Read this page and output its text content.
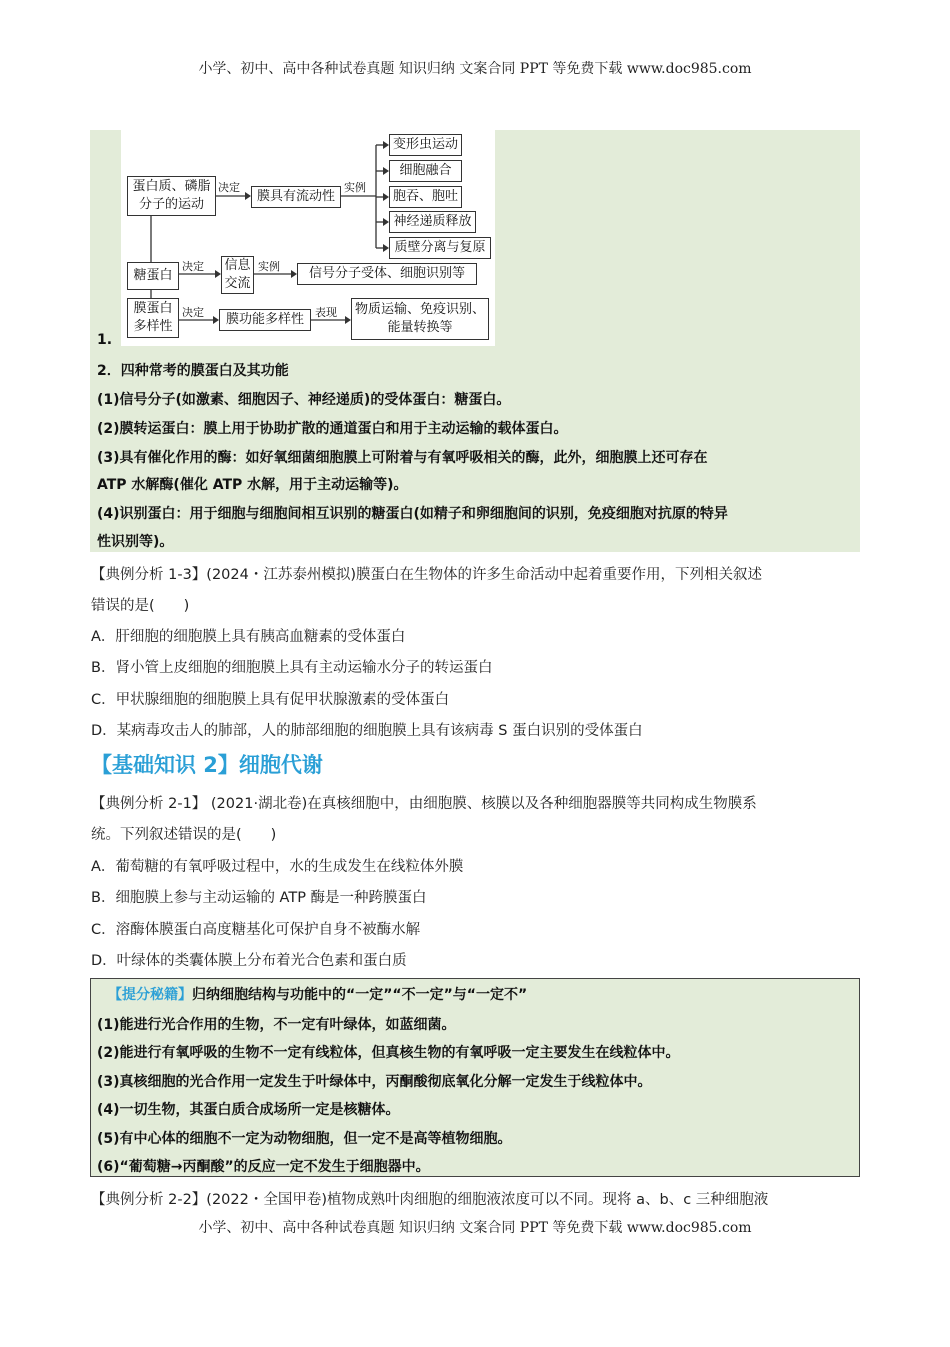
小学、初中、高中各种试卷真题 知识归纳 文案合同 PPT 等免费下载 www.doc985.com
蛋白质、磷脂分子的运动
决定
膜具有流动性
实例
变形虫运动
细胞融合
胞吞、胞吐
神经递质释放
质壁分离与复原
糖蛋白
决定 信息交流
实例	信号分子受体、细胞识别等
膜蛋白多样性
决定	膜功能多样性	表现	物质运输、免疫识别、能量转换等
1.
2．四种常考的膜蛋白及其功能
(1)信号分子(如激素、细胞因子、神经递质)的受体蛋白：糖蛋白。
(2)膜转运蛋白：膜上用于协助扩散的通道蛋白和用于主动运输的载体蛋白。
(3)具有催化作用的酶：如好氧细菌细胞膜上可附着与有氧呼吸相关的酶，此外，细胞膜上还可存在
ATP 水解酶(催化 ATP 水解，用于主动运输等)。
(4)识别蛋白：用于细胞与细胞间相互识别的糖蛋白(如精子和卵细胞间的识别，免疫细胞对抗原的特异
性识别等)。
【典例分析 1-3】(2024・江苏泰州模拟)膜蛋白在生物体的许多生命活动中起着重要作用，下列相关叙述
错误的是(　　)
A．肝细胞的细胞膜上具有胰高血糖素的受体蛋白
B．肾小管上皮细胞的细胞膜上具有主动运输水分子的转运蛋白
C．甲状腺细胞的细胞膜上具有促甲状腺激素的受体蛋白
D．某病毒攻击人的肺部，人的肺部细胞的细胞膜上具有该病毒 S 蛋白识别的受体蛋白
【基础知识 2】细胞代谢
【典例分析 2-1】 (2021·湖北卷)在真核细胞中，由细胞膜、核膜以及各种细胞器膜等共同构成生物膜系
统。下列叙述错误的是(　　)
A．葡萄糖的有氧呼吸过程中，水的生成发生在线粒体外膜
B．细胞膜上参与主动运输的 ATP 酶是一种跨膜蛋白
C．溶酶体膜蛋白高度糖基化可保护自身不被酶水解
D．叶绿体的类囊体膜上分布着光合色素和蛋白质
【提分秘籍】归纳细胞结构与功能中的“一定”“不一定”与“一定不”
(1)能进行光合作用的生物，不一定有叶绿体，如蓝细菌。
(2)能进行有氧呼吸的生物不一定有线粒体，但真核生物的有氧呼吸一定主要发生在线粒体中。
(3)真核细胞的光合作用一定发生于叶绿体中，丙酮酸彻底氧化分解一定发生于线粒体中。
(4)一切生物，其蛋白质合成场所一定是核糖体。
(5)有中心体的细胞不一定为动物细胞，但一定不是高等植物细胞。
(6)“葡萄糖→丙酮酸”的反应一定不发生于细胞器中。
【典例分析 2-2】(2022・全国甲卷)植物成熟叶肉细胞的细胞液浓度可以不同。现将 a、b、c 三种细胞液
小学、初中、高中各种试卷真题 知识归纳 文案合同 PPT 等免费下载 www.doc985.com
